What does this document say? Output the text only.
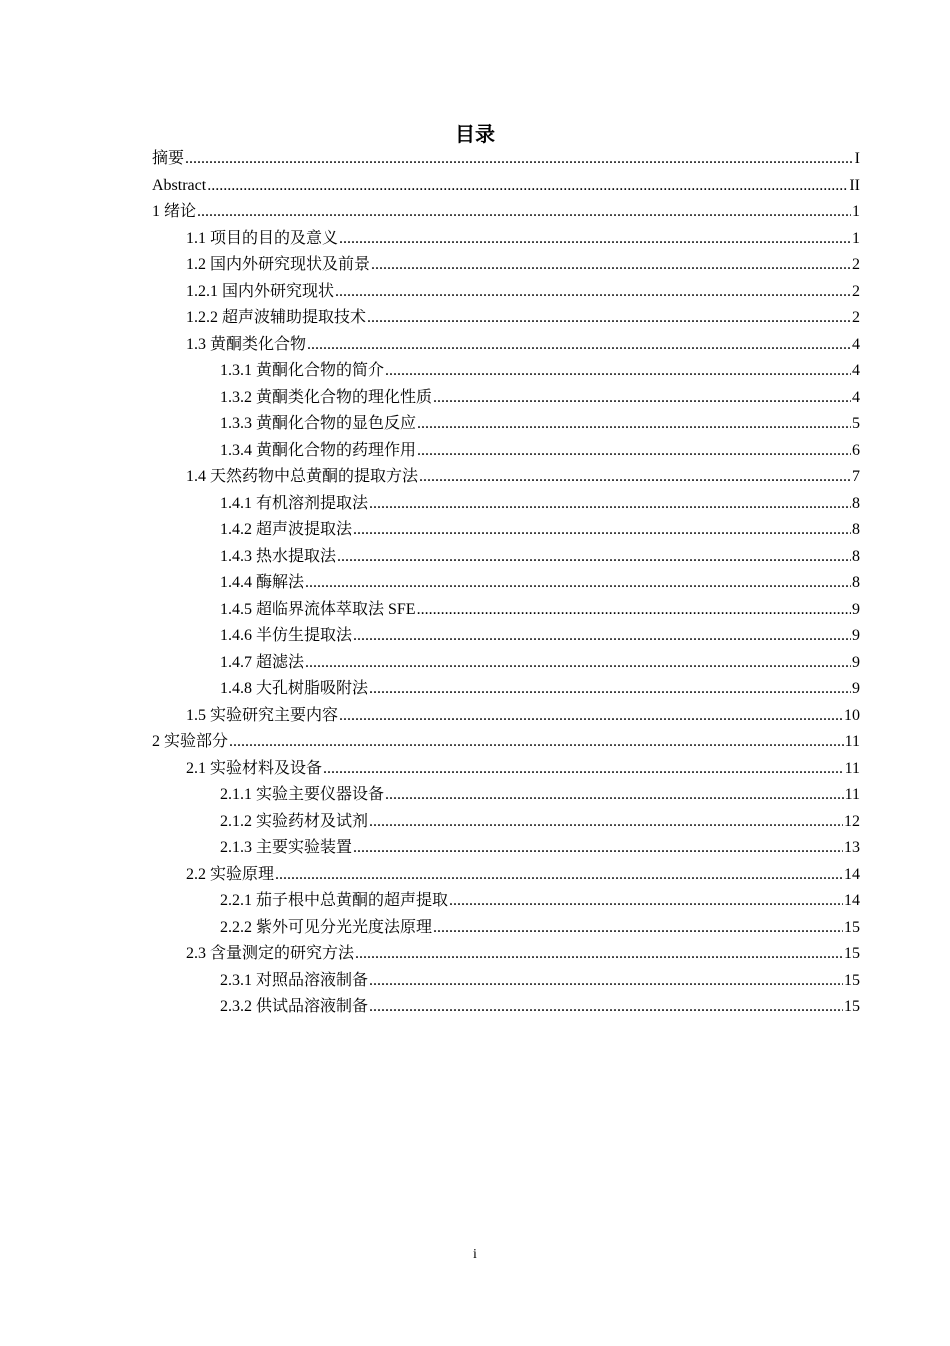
目录
摘要 .....	I
Abstract .....	II
1 绪论 .....	1
1.1 项目的目的及意义 .....	1
1.2 国内外研究现状及前景 .....	2
1.2.1 国内外研究现状 .....	2
1.2.2 超声波辅助提取技术 .....	2
1.3 黄酮类化合物 .....	4
1.3.1 黄酮化合物的简介 .....	4
1.3.2 黄酮类化合物的理化性质 .....	4
1.3.3 黄酮化合物的显色反应 .....	5
1.3.4 黄酮化合物的药理作用 .....	6
1.4 天然药物中总黄酮的提取方法 .....	7
1.4.1 有机溶剂提取法 .....	8
1.4.2 超声波提取法 .....	8
1.4.3 热水提取法 .....	8
1.4.4 酶解法 .....	8
1.4.5 超临界流体萃取法 SFE .....	9
1.4.6 半仿生提取法 .....	9
1.4.7 超滤法 .....	9
1.4.8 大孔树脂吸附法 .....	9
1.5 实验研究主要内容 .....	10
2 实验部分 .....	11
2.1 实验材料及设备 .....	11
2.1.1 实验主要仪器设备 .....	11
2.1.2 实验药材及试剂 .....	12
2.1.3 主要实验装置 .....	13
2.2 实验原理 .....	14
2.2.1 茄子根中总黄酮的超声提取 .....	14
2.2.2 紫外可见分光光度法原理 .....	15
2.3 含量测定的研究方法 .....	15
2.3.1 对照品溶液制备 .....	15
2.3.2 供试品溶液制备 .....	15
i
